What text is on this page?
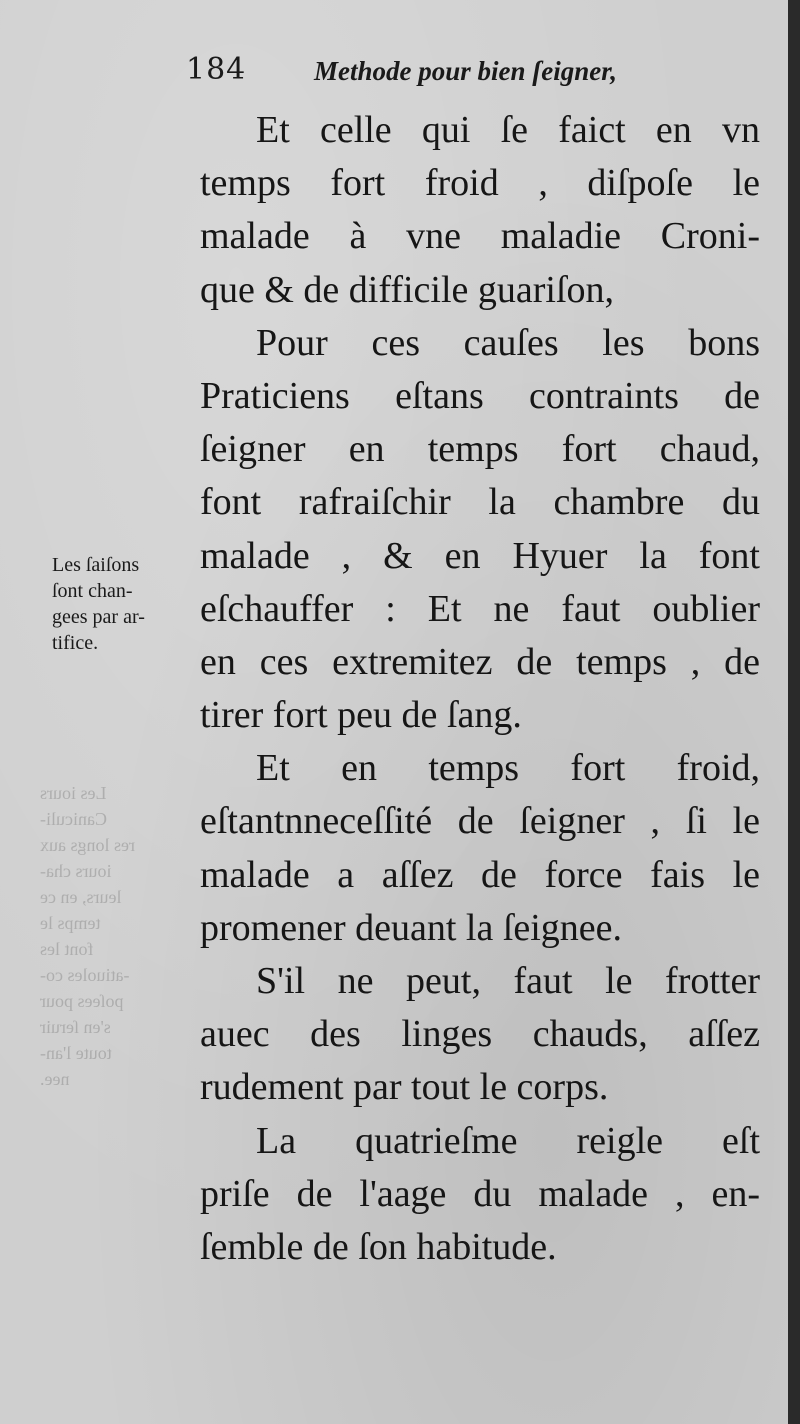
Les iours
Caniculi-
res longs aux
iours cha-
leurs, en ce
temps le
font les
-atiuoles co-
poſees pour
s'en ſeruir
toute l'an-
nee.
184	Methode pour bien ſeigner,
Les ſaiſons
ſont chan-
gees par ar-
tifice.
Et celle qui ſe faict en vn
temps fort froid , diſpoſe le
malade à vne maladie Croni-
que & de difficile guariſon,
Pour ces cauſes les bons
Praticiens eſtans contraints de
ſeigner en temps fort chaud,
font rafraiſchir la chambre du
malade , & en Hyuer la font
eſchauffer : Et ne faut oublier
en ces extremitez de temps , de
tirer fort peu de ſang.
Et en temps fort froid,
eſtantnneceſſité de ſeigner , ſi le
malade a aſſez de force fais le
promener deuant la ſeignee.
S'il ne peut, faut le frotter
auec des linges chauds, aſſez
rudement par tout le corps.
La quatrieſme reigle eſt
priſe de l'aage du malade , en-
ſemble de ſon habitude.
